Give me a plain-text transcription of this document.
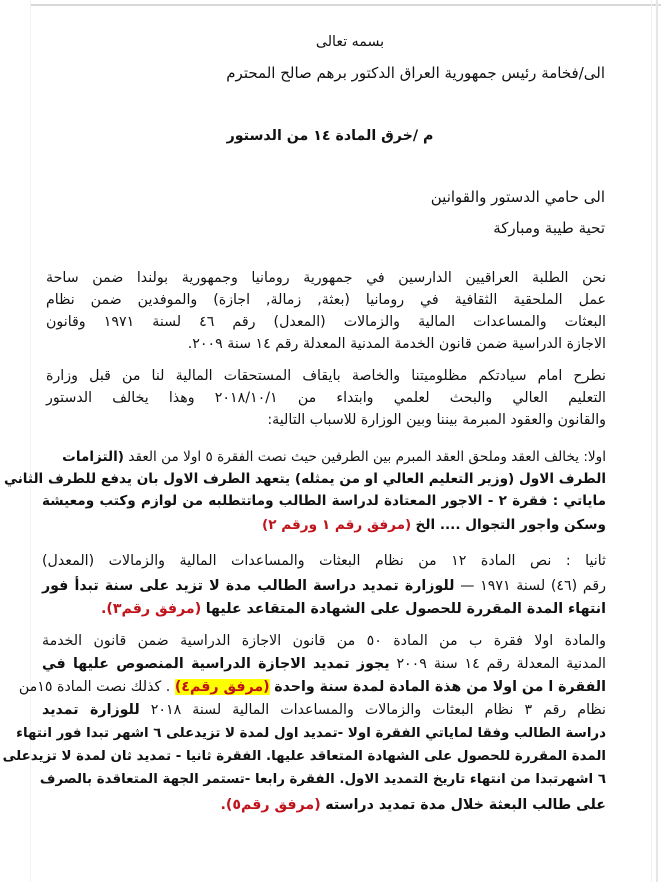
بسمه تعالى
الى/فخامة رئيس جمهورية العراق الدكتور برهم صالح المحترم
م /خرق المادة ١٤ من الدستور
الى حامي الدستور والقوانين
تحية طيبة ومباركة
نحن الطلبة العراقيين الدارسين في جمهورية رومانيا وجمهورية بولندا ضمن ساحة
عمل الملحقية الثقافية في رومانيا (بعثة, زمالة, اجازة) والموفدين ضمن نظام
البعثات والمساعدات المالية والزمالات (المعدل) رقم ٤٦ لسنة ١٩٧١ وقانون
الاجازة الدراسية ضمن قانون الخدمة المدنية المعدلة رقم ١٤ سنة ٢٠٠٩.
نطرح امام سيادتكم مظلوميتنا والخاصة بايقاف المستحقات المالية لنا من قبل وزارة
التعليم العالي والبحث لعلمي وابتداء من ٢٠١٨/١٠/١ وهذا يخالف الدستور
والقانون والعقود المبرمة بيننا وبين الوزارة للاسباب التالية:
اولا: يخالف العقد وملحق العقد المبرم بين الطرفين حيث نصت الفقرة ٥ اولا من العقد (التزامات
الطرف الاول (وزير التعليم العالي او من يمثله) يتعهد الطرف الاول بان يدفع للطرف الثاني
ماياتي : فقرة ٢ - الاجور المعتادة لدراسة الطالب وماتتطلبه من لوازم وكتب ومعيشة
وسكن واجور التجوال .... الخ (مرفق رقم ١ ورقم ٢)
ثانيا : نص المادة ١٢ من نظام البعثات والمساعدات المالية والزمالات (المعدل)
رقم (٤٦) لسنة ١٩٧١ — للوزارة تمديد دراسة الطالب مدة لا تزيد على سنة تبدأ فور
انتهاء المدة المقررة للحصول على الشهادة المتقاعد عليها (مرفق رقم٣).
والمادة اولا فقرة ب من المادة ٥٠ من قانون الاجازة الدراسية ضمن قانون الخدمة
المدنية المعدلة رقم ١٤ سنة ٢٠٠٩ يجوز تمديد الاجازة الدراسية المنصوص عليها في
الفقرة ا من اولا من هذة المادة لمدة سنة واحدة (مرفق رقم٤) . كذلك نصت المادة ١٥من
نظام رقم ٣ نظام البعثات والزمالات والمساعدات المالية لسنة ٢٠١٨ للوزارة تمديد
دراسة الطالب وفقا لماياتي الفقرة اولا -تمديد اول لمدة لا تزيدعلى ٦ اشهر تبدا فور انتهاء
المدة المقررة للحصول على الشهادة المتعاقد عليها. الفقرة ثانيا - تمديد ثان لمدة لا تزيدعلى
٦ اشهرتبدا من انتهاء تاريخ التمديد الاول. الفقرة رابعا -تستمر الجهة المتعاقدة بالصرف
على طالب البعثة خلال مدة تمديد دراسته (مرفق رقم٥).
